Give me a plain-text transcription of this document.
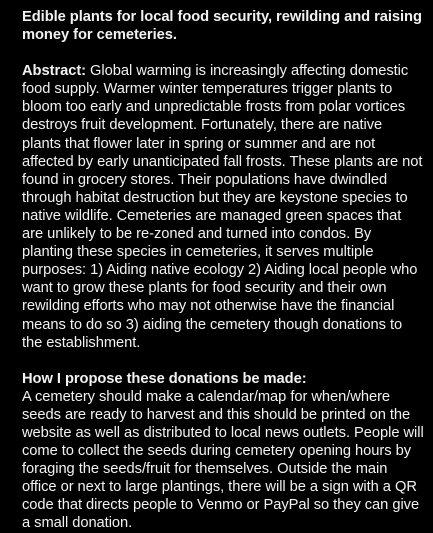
Edible plants for local food security, rewilding and raising money for cemeteries.

Abstract: Global warming is increasingly affecting domestic food supply. Warmer winter temperatures trigger plants to bloom too early and unpredictable frosts from polar vortices destroys fruit development. Fortunately, there are native plants that flower later in spring or summer and are not affected by early unanticipated fall frosts. These plants are not found in grocery stores. Their populations have dwindled through habitat destruction but they are keystone species to native wildlife. Cemeteries are managed green spaces that are unlikely to be re-zoned and turned into condos. By planting these species in cemeteries, it serves multiple purposes: 1) Aiding native ecology 2) Aiding local people who want to grow these plants for food security and their own rewilding efforts who may not otherwise have the financial means to do so 3) aiding the cemetery though donations to the establishment.

How I propose these donations be made:

A cemetery should make a calendar/map for when/where seeds are ready to harvest and this should be printed on the website as well as distributed to local news outlets. People will come to collect the seeds during cemetery opening hours by foraging the seeds/fruit for themselves. Outside the main office or next to large plantings, there will be a sign with a QR code that directs people to Venmo or PayPal so they can give a small donation.
